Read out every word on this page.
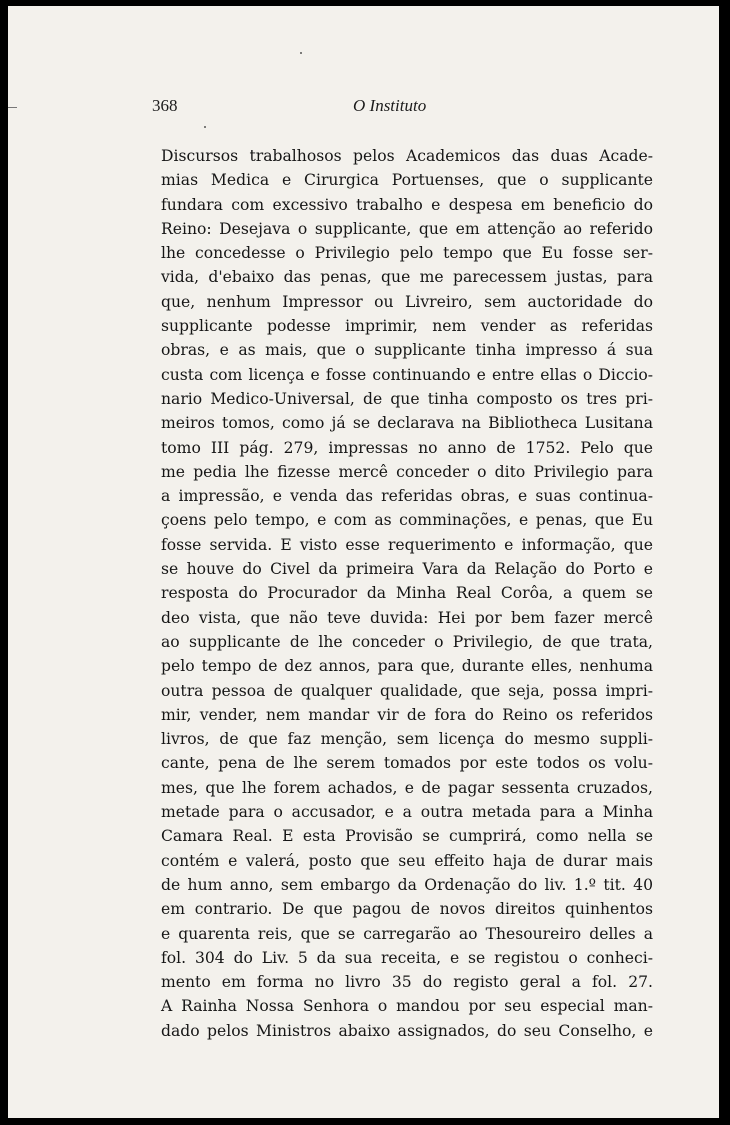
368	O Instituto
Discursos trabalhosos pelos Academicos das duas Acade-
mias Medica e Cirurgica Portuenses, que o supplicante
fundara com excessivo trabalho e despesa em beneficio do
Reino: Desejava o supplicante, que em attenção ao referido
lhe concedesse o Privilegio pelo tempo que Eu fosse ser-
vida, d'ebaixo das penas, que me parecessem justas, para
que, nenhum Impressor ou Livreiro, sem auctoridade do
supplicante podesse imprimir, nem vender as referidas
obras, e as mais, que o supplicante tinha impresso á sua
custa com licença e fosse continuando e entre ellas o Diccio-
nario Medico-Universal, de que tinha composto os tres pri-
meiros tomos, como já se declarava na Bibliotheca Lusitana
tomo III pág. 279, impressas no anno de 1752. Pelo que
me pedia lhe fizesse mercê conceder o dito Privilegio para
a impressão, e venda das referidas obras, e suas continua-
çoens pelo tempo, e com as comminações, e penas, que Eu
fosse servida. E visto esse requerimento e informação, que
se houve do Civel da primeira Vara da Relação do Porto e
resposta do Procurador da Minha Real Corôa, a quem se
deo vista, que não teve duvida: Hei por bem fazer mercê
ao supplicante de lhe conceder o Privilegio, de que trata,
pelo tempo de dez annos, para que, durante elles, nenhuma
outra pessoa de qualquer qualidade, que seja, possa impri-
mir, vender, nem mandar vir de fora do Reino os referidos
livros, de que faz menção, sem licença do mesmo suppli-
cante, pena de lhe serem tomados por este todos os volu-
mes, que lhe forem achados, e de pagar sessenta cruzados,
metade para o accusador, e a outra metada para a Minha
Camara Real. E esta Provisão se cumprirá, como nella se
contém e valerá, posto que seu effeito haja de durar mais
de hum anno, sem embargo da Ordenação do liv. 1.º tit. 40
em contrario. De que pagou de novos direitos quinhentos
e quarenta reis, que se carregarão ao Thesoureiro delles a
fol. 304 do Liv. 5 da sua receita, e se registou o conheci-
mento em forma no livro 35 do registo geral a fol. 27.
A Rainha Nossa Senhora o mandou por seu especial man-
dado pelos Ministros abaixo assignados, do seu Conselho, e
